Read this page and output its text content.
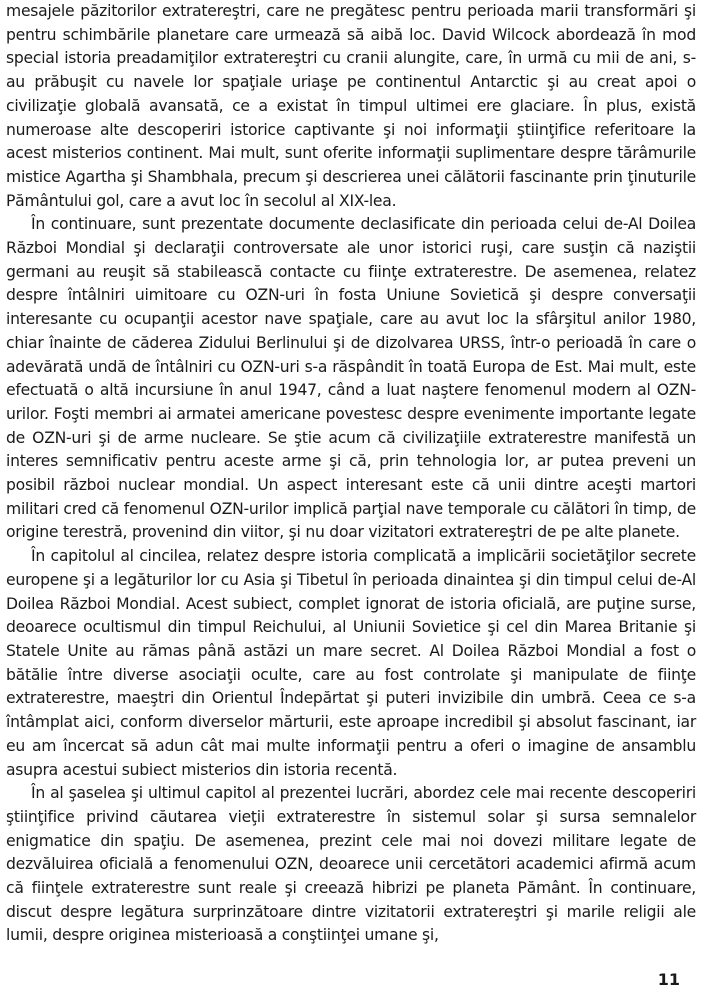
mesajele păzitorilor extratereştri, care ne pregătesc pentru perioada marii transformări şi pentru schimbările planetare care urmează să aibă loc. David Wilcock abordează în mod special istoria preadamiţilor extratereştri cu cranii alungite, care, în urmă cu mii de ani, s-au prăbuşit cu navele lor spaţiale uriaşe pe continentul Antarctic şi au creat apoi o civilizaţie globală avansată, ce a existat în timpul ultimei ere glaciare. În plus, există numeroase alte descoperiri istorice captivante şi noi informaţii ştiinţifice referitoare la acest misterios continent. Mai mult, sunt oferite informaţii suplimentare despre tărâmurile mistice Agartha şi Shambhala, precum şi descrierea unei călătorii fascinante prin ţinuturile Pământului gol, care a avut loc în secolul al XIX-lea.

În continuare, sunt prezentate documente declasificate din perioada celui de-Al Doilea Război Mondial şi declaraţii controversate ale unor istorici ruşi, care susţin că naziştii germani au reuşit să stabilească contacte cu fiinţe extraterestre. De asemenea, relatez despre întâlniri uimitoare cu OZN-uri în fosta Uniune Sovietică şi despre conversaţii interesante cu ocupanţii acestor nave spaţiale, care au avut loc la sfârşitul anilor 1980, chiar înainte de căderea Zidului Berlinului şi de dizolvarea URSS, într-o perioadă în care o adevărată undă de întâlniri cu OZN-uri s-a răspândit în toată Europa de Est. Mai mult, este efectuată o altă incursiune în anul 1947, când a luat naştere fenomenul modern al OZN-urilor. Foşti membri ai armatei americane povestesc despre evenimente importante legate de OZN-uri şi de arme nucleare. Se ştie acum că civilizaţiile extraterestre manifestă un interes semnificativ pentru aceste arme şi că, prin tehnologia lor, ar putea preveni un posibil război nuclear mondial. Un aspect interesant este că unii dintre aceşti martori militari cred că fenomenul OZN-urilor implică parţial nave temporale cu călători în timp, de origine terestră, provenind din viitor, şi nu doar vizitatori extratereştri de pe alte planete.

În capitolul al cincilea, relatez despre istoria complicată a implicării societăţilor secrete europene şi a legăturilor lor cu Asia şi Tibetul în perioada dinaintea şi din timpul celui de-Al Doilea Război Mondial. Acest subiect, complet ignorat de istoria oficială, are puţine surse, deoarece ocultismul din timpul Reichului, al Uniunii Sovietice şi cel din Marea Britanie şi Statele Unite au rămas până astăzi un mare secret. Al Doilea Război Mondial a fost o bătălie între diverse asociaţii oculte, care au fost controlate şi manipulate de fiinţe extraterestre, maeştri din Orientul Îndepărtat şi puteri invizibile din umbră. Ceea ce s-a întâmplat aici, conform diverselor mărturii, este aproape incredibil şi absolut fascinant, iar eu am încercat să adun cât mai multe informaţii pentru a oferi o imagine de ansamblu asupra acestui subiect misterios din istoria recentă.

În al şaselea şi ultimul capitol al prezentei lucrări, abordez cele mai recente descoperiri ştiinţifice privind căutarea vieţii extraterestre în sistemul solar şi sursa semnalelor enigmatice din spaţiu. De asemenea, prezint cele mai noi dovezi militare legate de dezvăluirea oficială a fenomenului OZN, deoarece unii cercetători academici afirmă acum că fiinţele extraterestre sunt reale şi creează hibrizi pe planeta Pământ. În continuare, discut despre legătura surprinzătoare dintre vizitatorii extratereştri şi marile religii ale lumii, despre originea misterioasă a conştiinţei umane şi,

11
